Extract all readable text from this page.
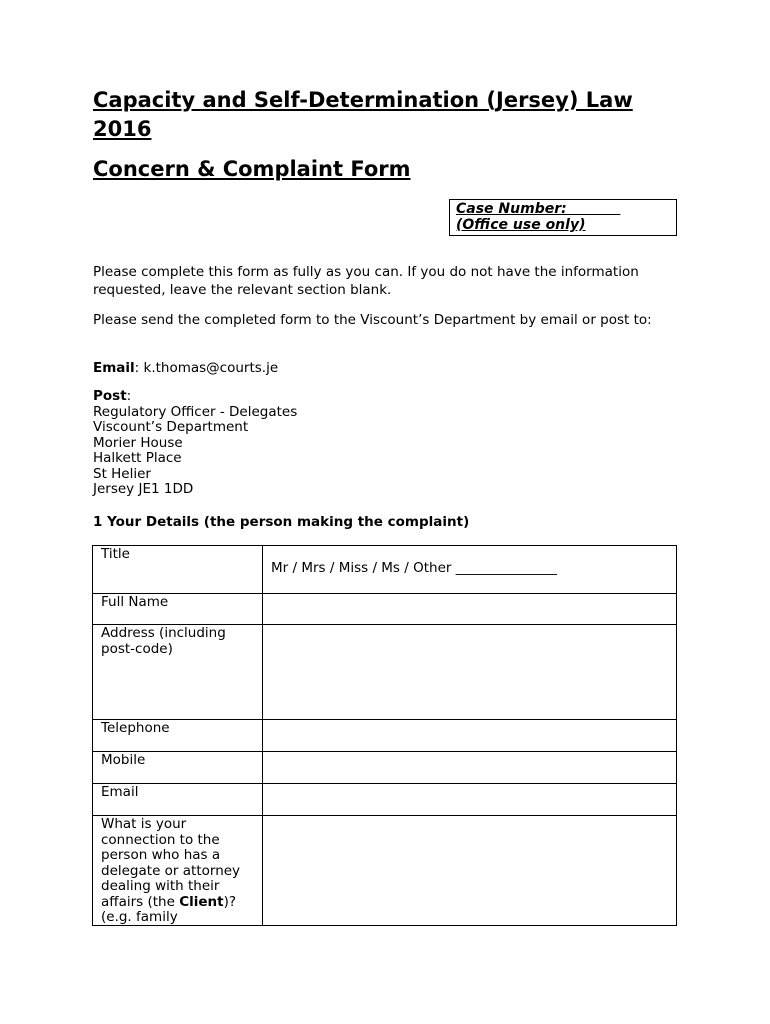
Capacity and Self-Determination (Jersey) Law 2016
Concern & Complaint Form
Case Number:
(Office use only)
Please complete this form as fully as you can. If you do not have the information requested, leave the relevant section blank.
Please send the completed form to the Viscount’s Department by email or post to:
Email: k.thomas@courts.je
Post:
Regulatory Officer - Delegates
Viscount’s Department
Morier House
Halkett Place
St Helier
Jersey JE1 1DD
1 Your Details (the person making the complaint)
Title	Mr / Mrs / Miss / Ms / Other _______________
Full Name	
Address (including post-code)	
Telephone	
Mobile	
Email	

What is your connection to the person who has a delegate or attorney dealing with their affairs (the Client)? (e.g. family	
